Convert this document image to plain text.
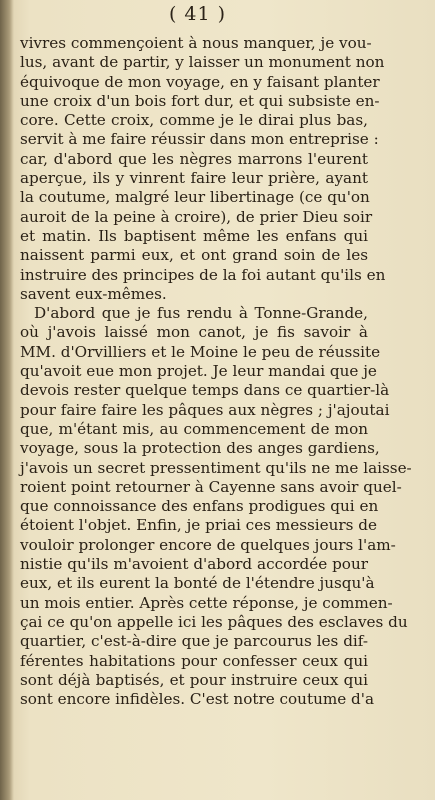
( 41 )
vivres commençoient à nous manquer, je vou-
lus, avant de partir, y laisser un monument non
équivoque de mon voyage, en y faisant planter
une croix d'un bois fort dur, et qui subsiste en-
core. Cette croix, comme je le dirai plus bas,
servit à me faire réussir dans mon entreprise :
car, d'abord que les nègres marrons l'eurent
aperçue, ils y vinrent faire leur prière, ayant
la coutume, malgré leur libertinage (ce qu'on
auroit de la peine à croire), de prier Dieu soir
et matin. Ils baptisent même les enfans qui
naissent parmi eux, et ont grand soin de les
instruire des principes de la foi autant qu'ils en
savent eux-mêmes.
D'abord que je fus rendu à Tonne-Grande,
où j'avois laissé mon canot, je fis savoir à
MM. d'Orvilliers et le Moine le peu de réussite
qu'avoit eue mon projet. Je leur mandai que je
devois rester quelque temps dans ce quartier-là
pour faire faire les pâques aux nègres ; j'ajoutai
que, m'étant mis, au commencement de mon
voyage, sous la protection des anges gardiens,
j'avois un secret pressentiment qu'ils ne me laisse-
roient point retourner à Cayenne sans avoir quel-
que connoissance des enfans prodigues qui en
étoient l'objet. Enfin, je priai ces messieurs de
vouloir prolonger encore de quelques jours l'am-
nistie qu'ils m'avoient d'abord accordée pour
eux, et ils eurent la bonté de l'étendre jusqu'à
un mois entier. Après cette réponse, je commen-
çai ce qu'on appelle ici les pâques des esclaves du
quartier, c'est-à-dire que je parcourus les dif-
férentes habitations pour confesser ceux qui
sont déjà baptisés, et pour instruire ceux qui
sont encore infidèles. C'est notre coutume d'a
